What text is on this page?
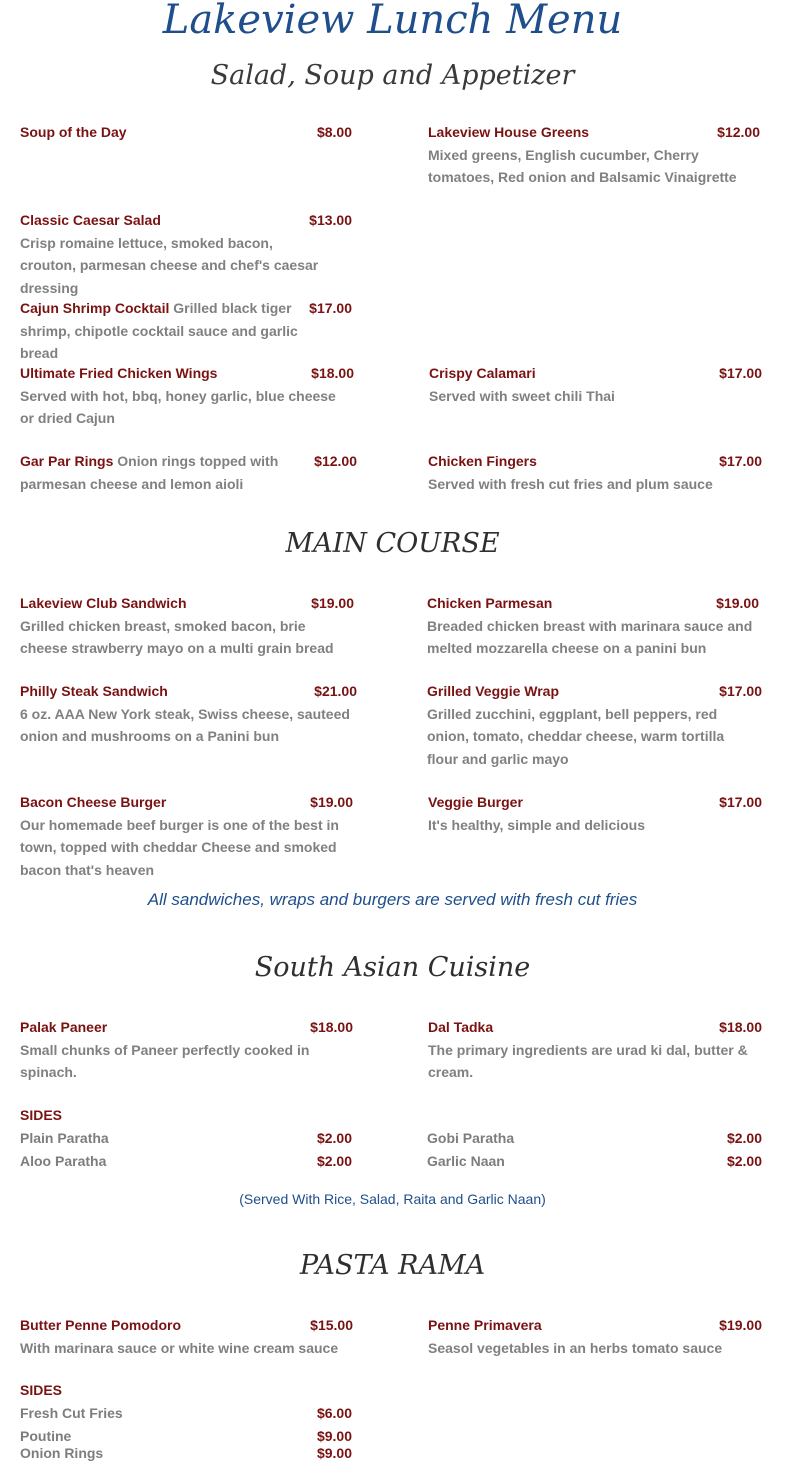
Lakeview Lunch Menu
Salad, Soup and Appetizer
Soup of the Day	$8.00	Lakeview House Greens
Mixed greens, English cucumber, Cherry tomatoes, Red onion and Balsamic Vinaigrette
$12.00
Classic Caesar Salad
Crisp romaine lettuce, smoked bacon, crouton, parmesan cheese and chef's caesar dressing
$13.00
Cajun Shrimp Cocktail Grilled black tiger shrimp, chipotle cocktail sauce and garlic bread
$17.00
Ultimate Fried Chicken Wings
Served with hot, bbq, honey garlic, blue cheese or dried Cajun
$18.00	Crispy Calamari
Served with sweet chili Thai
$17.00
Gar Par Rings Onion rings topped with parmesan cheese and lemon aioli
$12.00	Chicken Fingers
Served with fresh cut fries and plum sauce
$17.00
MAIN COURSE
Lakeview Club Sandwich
Grilled chicken breast, smoked bacon, brie cheese strawberry mayo on a multi grain bread
$19.00	Chicken Parmesan
Breaded chicken breast with marinara sauce and melted mozzarella cheese on a panini bun
$19.00
Philly Steak Sandwich
6 oz. AAA New York steak, Swiss cheese, sauteed onion and mushrooms on a Panini bun
$21.00	Grilled Veggie Wrap
Grilled zucchini, eggplant, bell peppers, red onion, tomato, cheddar cheese, warm tortilla flour and garlic mayo
$17.00
Bacon Cheese Burger
Our homemade beef burger is one of the best in town, topped with cheddar Cheese and smoked bacon that's heaven
$19.00	Veggie Burger
It's healthy, simple and delicious
$17.00
All sandwiches, wraps and burgers are served with fresh cut fries
South Asian Cuisine
Palak Paneer
Small chunks of Paneer perfectly cooked in spinach.
$18.00	Dal Tadka
The primary ingredients are urad ki dal, butter & cream.
$18.00
SIDES
Plain Paratha	$2.00	Gobi Paratha	$2.00
Aloo Paratha	$2.00	Garlic Naan	$2.00
(Served With Rice, Salad, Raita and Garlic Naan)
PASTA RAMA
Butter Penne Pomodoro
With marinara sauce or white wine cream sauce
$15.00	Penne Primavera
Seasol vegetables in an herbs tomato sauce
$19.00
SIDES
Fresh Cut Fries	$6.00
Poutine	$9.00
Onion Rings	$9.00
